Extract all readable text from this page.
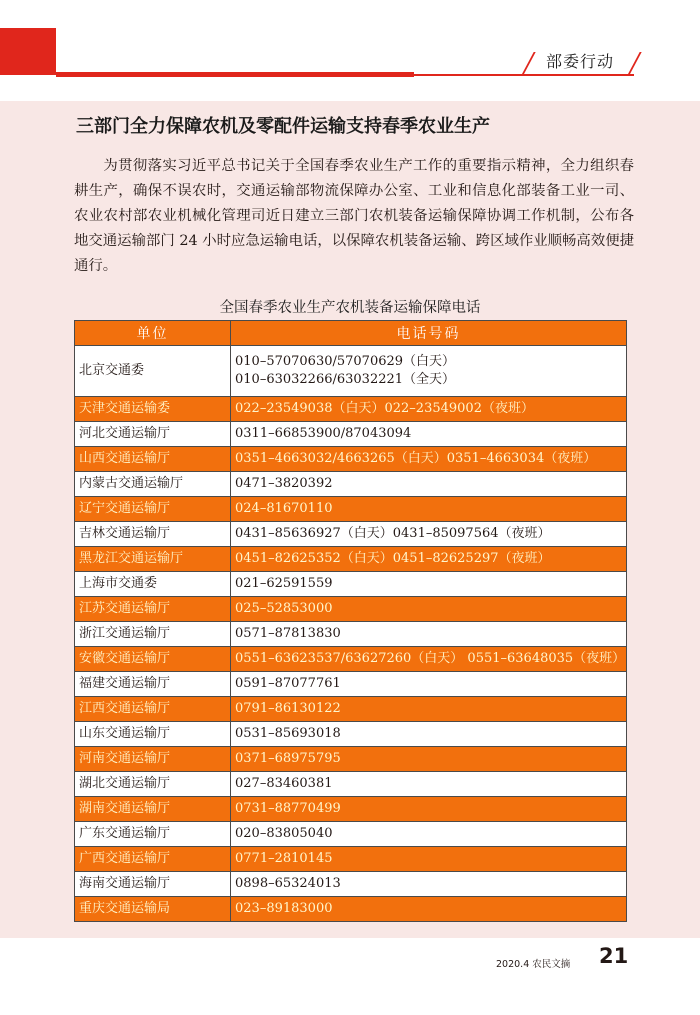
部委行动
三部门全力保障农机及零配件运输支持春季农业生产

为贯彻落实习近平总书记关于全国春季农业生产工作的重要指示精神，全力组织春耕生产，确保不误农时，交通运输部物流保障办公室、工业和信息化部装备工业一司、农业农村部农业机械化管理司近日建立三部门农机装备运输保障协调工作机制，公布各地交通运输部门 24 小时应急运输电话，以保障农机装备运输、跨区域作业顺畅高效便捷通行。

全国春季农业生产农机装备运输保障电话
单位	电话号码
北京交通委	010–57070630/57070629（白天）
010–63032266/63032221（全天）

天津交通运输委	022–23549038（白天）022–23549002（夜班）

河北交通运输厅	0311–66853900/87043094

山西交通运输厅	0351–4663032/4663265（白天）0351–4663034（夜班）

内蒙古交通运输厅	0471–3820392

辽宁交通运输厅	024–81670110

吉林交通运输厅	0431–85636927（白天）0431–85097564（夜班）

黑龙江交通运输厅	0451–82625352（白天）0451–82625297（夜班）

上海市交通委	021–62591559

江苏交通运输厅	025–52853000

浙江交通运输厅	0571–87813830

安徽交通运输厅	0551–63623537/63627260（白天） 0551–63648035（夜班）

福建交通运输厅	0591–87077761

江西交通运输厅	0791–86130122

山东交通运输厅	0531–85693018

河南交通运输厅	0371–68975795

湖北交通运输厅	027–83460381

湖南交通运输厅	0731–88770499

广东交通运输厅	020–83805040

广西交通运输厅	0771–2810145

海南交通运输厅	0898–65324013

重庆交通运输局	023–89183000
2020.4 农民文摘 21
